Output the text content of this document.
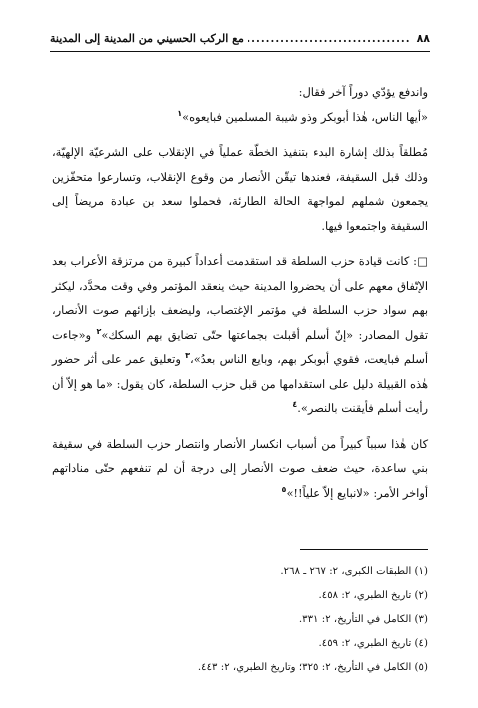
٨٨
.....
مع الركب الحسيني من المدينة إلى المدينة

واندفع يؤدّي دوراً آخر فقال:

«أيها الناس، هٰذا أبوبكر وذو شيبة المسلمين فبايعوه»$^١$

مُطلقاً بذلك إشارة البدء بتنفيذ الخطّة عملياً في الإنقلاب على الشرعيّة الإلهيّة، وذلك قبل السقيفة، فعندها تيقّن الأنصار من وقوع الإنقلاب، وتسارعوا متحفّزين يجمعون شملهم لمواجهة الحالة الطارئة، فحملوا سعد بن عبادة مريضاً إلى السقيفة واجتمعوا فيها.

□: كانت قيادة حزب السلطة قد استقدمت أعداداً كبيرة من مرتزقة الأعراب بعد الإتّفاق معهم على أن يحضروا المدينة حيث ينعقد المؤتمر وفي وقت محدَّد، ليكثر بهم سواد حزب السلطة في مؤتمر الإغتصاب، وليضعف بإزائهم صوت الأنصار، تقول المصادر: «إنّ أسلم أقبلت بجماعتها حتّى تضايق بهم السكك»$^٢$ و«جاءت أسلم فبايعت، فقوي أبوبكر بهم، وبايع الناس بعدُ»،$^٣$ وتعليق عمر على أثر حضور هٰذه القبيلة دليل على استقدامها من قبل حزب السلطة، كان يقول: «ما هو إلاّ أن رأيت أسلم فأيقنت بالنصر».$^٤$

كان هٰذا سبباً كبيراً من أسباب انكسار الأنصار وانتصار حزب السلطة في سقيفة بني ساعدة، حيث ضعف صوت الأنصار إلى درجة أن لم تنفعهم حتّى مناداتهم أواخر الأمر: «لانبايع إلاّ علياً!!»$^٥$

(١) الطبقات الكبرى، ٢: ٢٦٧ ـ ٢٦٨.
(٢) تاريخ الطبري، ٢: ٤٥٨.
(٣) الكامل في التأريخ، ٢: ٣٣١.
(٤) تاريخ الطبري، ٢: ٤٥٩.
(٥) الكامل في التأريخ، ٢: ٣٢٥؛ وتاريخ الطبري، ٢: ٤٤٣.
